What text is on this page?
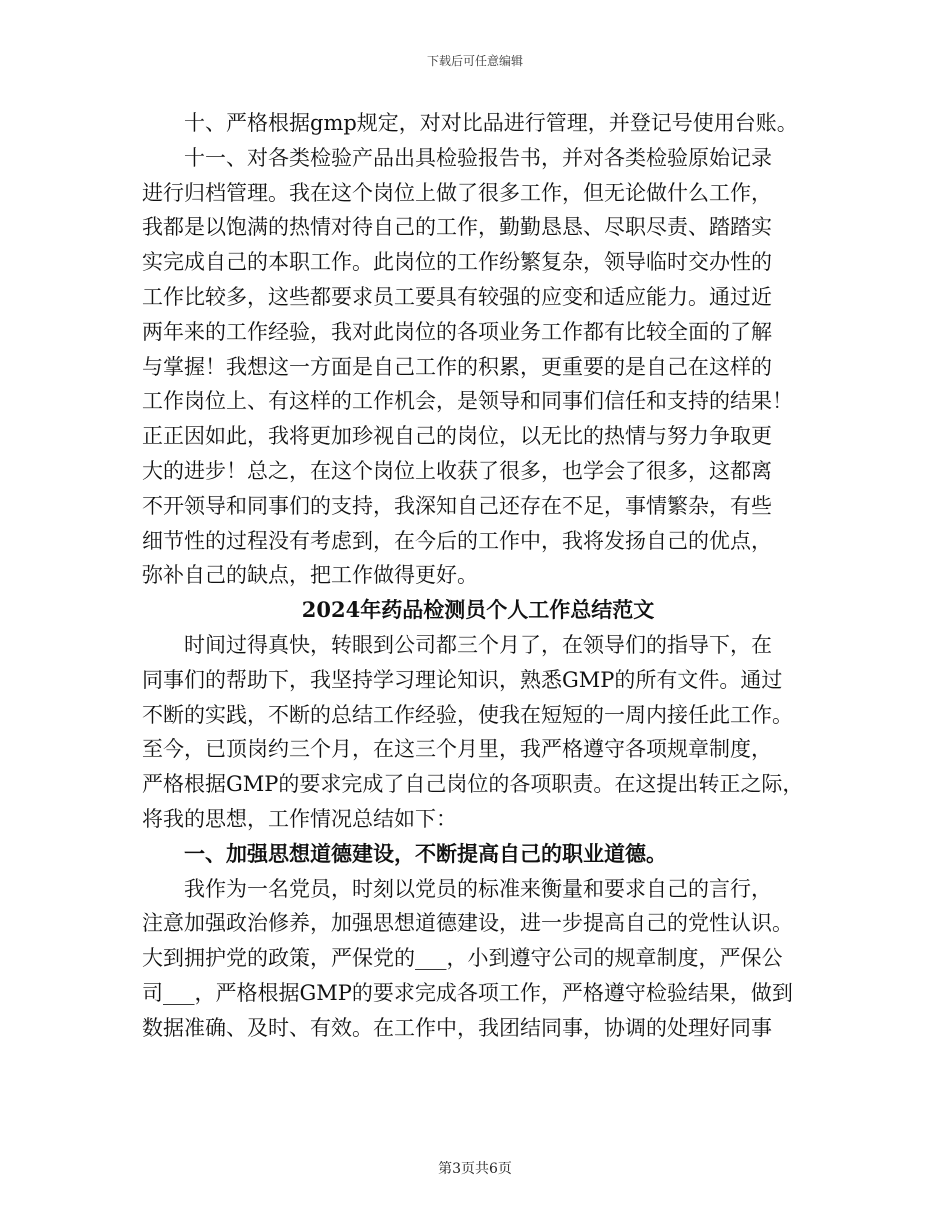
下载后可任意编辑
十、严格根据gmp规定，对对比品进行管理，并登记号使用台账。
十一、对各类检验产品出具检验报告书，并对各类检验原始记录
进行归档管理。我在这个岗位上做了很多工作，但无论做什么工作，
我都是以饱满的热情对待自己的工作，勤勤恳恳、尽职尽责、踏踏实
实完成自己的本职工作。此岗位的工作纷繁复杂，领导临时交办性的
工作比较多，这些都要求员工要具有较强的应变和适应能力。通过近
两年来的工作经验，我对此岗位的各项业务工作都有比较全面的了解
与掌握！我想这一方面是自己工作的积累，更重要的是自己在这样的
工作岗位上、有这样的工作机会，是领导和同事们信任和支持的结果！
正正因如此，我将更加珍视自己的岗位，以无比的热情与努力争取更
大的进步！总之，在这个岗位上收获了很多，也学会了很多，这都离
不开领导和同事们的支持，我深知自己还存在不足，事情繁杂，有些
细节性的过程没有考虑到，在今后的工作中，我将发扬自己的优点，
弥补自己的缺点，把工作做得更好。
2024年药品检测员个人工作总结范文
时间过得真快，转眼到公司都三个月了，在领导们的指导下，在
同事们的帮助下，我坚持学习理论知识，熟悉GMP的所有文件。通过
不断的实践，不断的总结工作经验，使我在短短的一周内接任此工作。
至今，已顶岗约三个月，在这三个月里，我严格遵守各项规章制度，
严格根据GMP的要求完成了自己岗位的各项职责。在这提出转正之际，
将我的思想，工作情况总结如下：
一、加强思想道德建设，不断提高自己的职业道德。
我作为一名党员，时刻以党员的标准来衡量和要求自己的言行，
注意加强政治修养，加强思想道德建设，进一步提高自己的党性认识。
大到拥护党的政策，严保党的___，小到遵守公司的规章制度，严保公
司___，严格根据GMP的要求完成各项工作，严格遵守检验结果，做到
数据准确、及时、有效。在工作中，我团结同事，协调的处理好同事
第3页共6页
